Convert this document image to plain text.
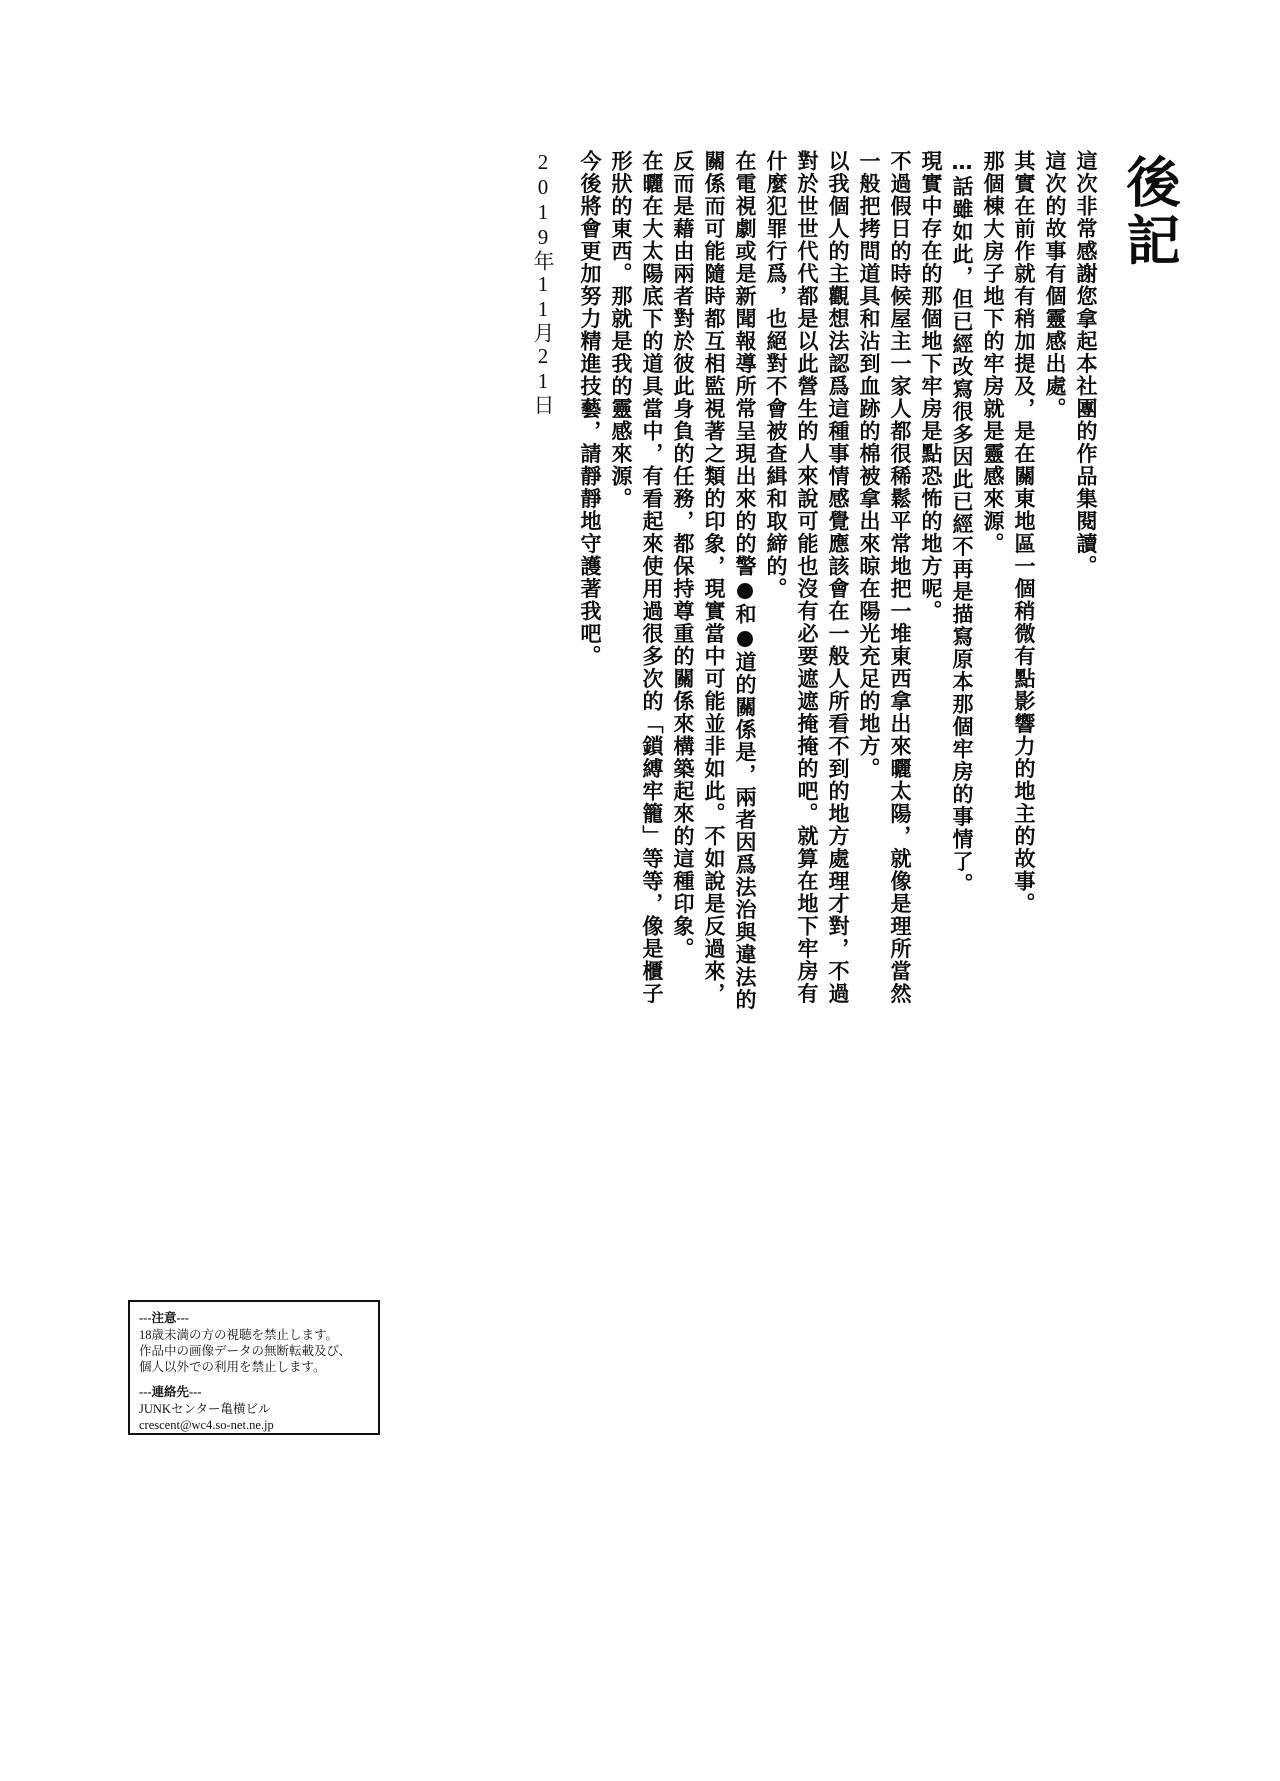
後記
這次非常感謝您拿起本社團的作品集閱讀。
這次的故事有個靈感出處。
其實在前作就有稍加提及，是在關東地區一個稍微有點影響力的地主的故事。
那個棟大房子地下的牢房就是靈感來源。
…話雖如此，但已經改寫很多因此已經不再是描寫原本那個牢房的事情了。
現實中存在的那個地下牢房是點恐怖的地方呢。
不過假日的時候屋主一家人都很稀鬆平常地把一堆東西拿出來曬太陽，就像是理所當然
一般把拷問道具和沾到血跡的棉被拿出來晾在陽光充足的地方。
以我個人的主觀想法認爲這種事情感覺應該會在一般人所看不到的地方處理才對，不過
對於世世代代都是以此營生的人來說可能也沒有必要遮遮掩掩的吧。就算在地下牢房有
什麼犯罪行爲，也絕對不會被查緝和取締的。
在電視劇或是新聞報導所常呈現出來的的警●和●道的關係是，兩者因爲法治與違法的
關係而可能隨時都互相監視著之類的印象，現實當中可能並非如此。不如說是反過來，
反而是藉由兩者對於彼此身負的任務，都保持尊重的關係來構築起來的這種印象。
在曬在大太陽底下的道具當中，有看起來使用過很多次的「鎖縛牢籠」等等，像是櫃子
形狀的東西。那就是我的靈感來源。
今後將會更加努力精進技藝，請靜靜地守護著我吧。
2019年11月21日
---注意---
18歳未満の方の視聴を禁止します。
作品中の画像データの無断転載及び、
個人以外での利用を禁止します。
---連絡先---
JUNKセンター亀横ビル
crescent@wc4.so-net.ne.jp
